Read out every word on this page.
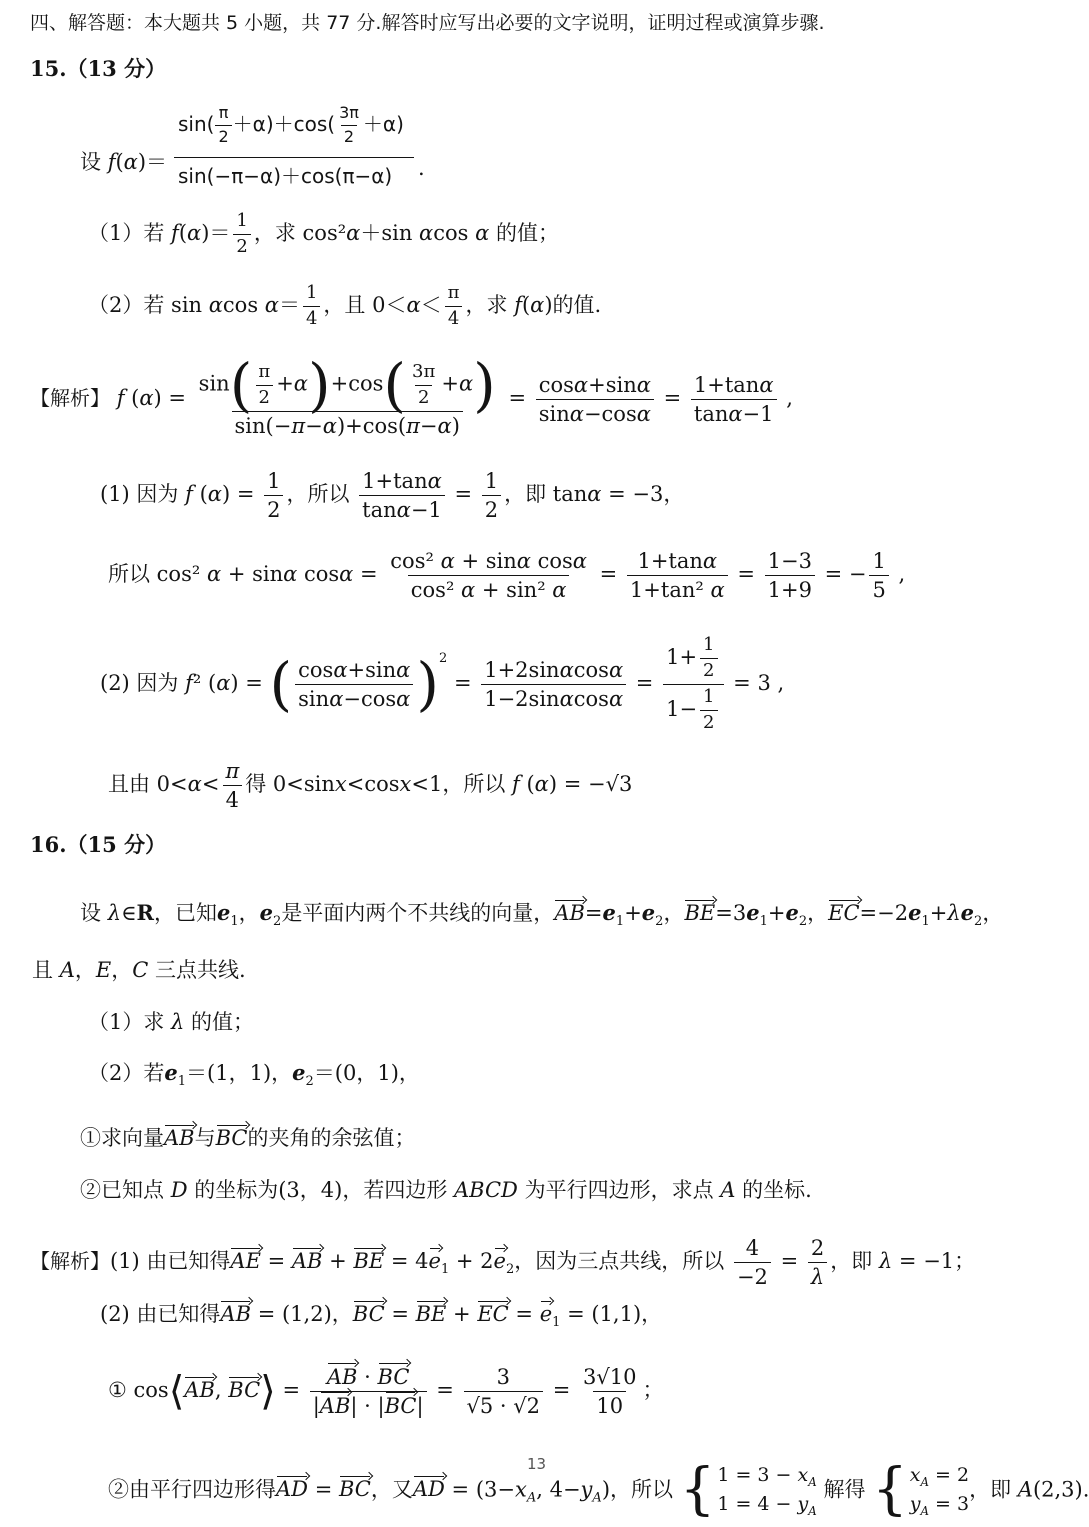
四、解答题：本大题共 5 小题，共 77 分.解答时应写出必要的文字说明，证明过程或演算步骤.
15.（13 分）
设 f(α)＝
$\sin( \frac{\pi}{2} +\alpha)+\cos( \frac{3\pi}{2} +\alpha)$
sin(−π−α)＋cos(π−α) .
（1）若 $f(\alpha)= \frac{1}{2}$ ，求 cos²α＋sin αcos α 的值；
（2）若 sin αcos $\alpha= \frac{1}{4}$ ，且 $0<\alpha< \frac{\pi}{4}$ ，求 f(α)的值.
【解析】 f $(\alpha) = \frac{\sin( \frac{\pi}{2} +\alpha)+\cos( \frac{3\pi}{2} +\alpha)}{\sin(-\pi-\alpha)+\cos(\pi-\alpha)} = \frac{\cos\alpha+\sin\alpha}{\sin\alpha-\cos\alpha} = \frac{1+\tan\alpha}{\tan\alpha-1}$ ,
(1) 因为 f $(\alpha) = \frac{1}{2}$ ，所以 $\frac{1+\tan\alpha}{\tan\alpha-1} = \frac{1}{2}$ ，即 tanα = −3，
所以 cos² α + sinα $\cos\alpha = \frac{\text{cos² α + sinα cosα}}{\text{cos² α + sin² α}} = \frac{1+\tan\alpha}{\text{1+tan² α}} = \frac{1-3}{1+9}$ = − $\frac{1}{5}$ ,
(2) 因为 f² (α) = ( $\frac{\cos\alpha+\sin\alpha}{\sin\alpha-\cos\alpha} )^2 = \frac{1+2\sin\alpha\cos\alpha}{1-2\sin\alpha\cos\alpha} = \frac{1+ \frac{1}{2}}{1- \frac{1}{2}} = 3$ ,
且由 $0<\alpha< \frac{\pi}{4}$ 得 0<sinx<cosx<1，所以 f (α) = −√3
16.（15 分）
设 λ∈R，已知$e_1$，$e_2$是平面内两个不共线的向量，$AB=e_1+e_2$，$BE=3e_1+e_2$，$EC=-2e_1+\lambda e_2$，
且 A，E，C 三点共线.
（1）求 λ 的值；
（2）若$e_1=(1$，1)，$e_2=(0$，1)，
①求向量AB与BC的夹角的余弦值；
②已知点 D 的坐标为(3，4)，若四边形 ABCD 为平行四边形，求点 A 的坐标.
【解析】(1) 由已知得AE = AB + BE = $4e_1 + 2e_2$，因为三点共线，所以 $\frac{4}{-2} = \frac{2}{\lambda}$ ，即 λ = −1；
(2) 由已知得AB = (1,2)，BC = BE + EC = $e_1 = (1,1)$，
① cos⟨AB, BC⟩ = $\frac{AB \cdot BC}{|AB| \cdot |BC|} = \frac{3}{√5 \cdot √2} = \frac{3√10}{10}$ ；
13
②由平行四边形得AD = BC，又AD = ($3-x_A$, $4-y_A$)，所以 { $1 = 3 - x_A$
$1 = 4 - y_A$
解得 { $x_A = 2$
$y_A = 3$
，即 A(2,3).
